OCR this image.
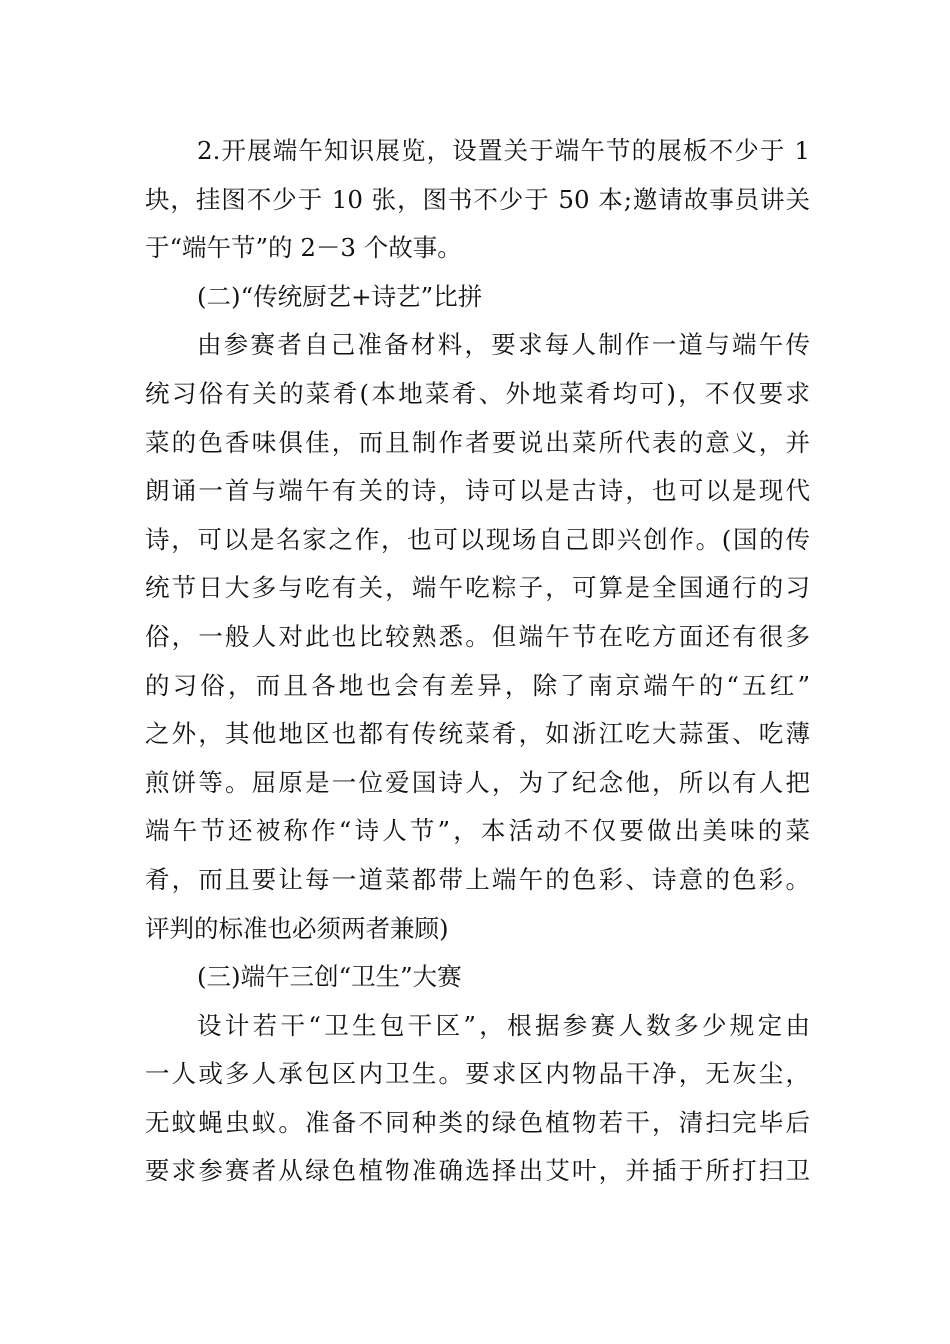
2.开展端午知识展览，设置关于端午节的展板不少于 1
块，挂图不少于 10 张，图书不少于 50 本;邀请故事员讲关
于“端午节”的 2－3 个故事。
(二)“传统厨艺+诗艺”比拼
由参赛者自己准备材料，要求每人制作一道与端午传
统习俗有关的菜肴(本地菜肴、外地菜肴均可)，不仅要求
菜的色香味俱佳，而且制作者要说出菜所代表的意义，并
朗诵一首与端午有关的诗，诗可以是古诗，也可以是现代
诗，可以是名家之作，也可以现场自己即兴创作。(国的传
统节日大多与吃有关，端午吃粽子，可算是全国通行的习
俗，一般人对此也比较熟悉。但端午节在吃方面还有很多
的习俗，而且各地也会有差异，除了南京端午的“五红”
之外，其他地区也都有传统菜肴，如浙江吃大蒜蛋、吃薄
煎饼等。屈原是一位爱国诗人，为了纪念他，所以有人把
端午节还被称作“诗人节”，本活动不仅要做出美味的菜
肴，而且要让每一道菜都带上端午的色彩、诗意的色彩。
评判的标准也必须两者兼顾)
(三)端午三创“卫生”大赛
设计若干“卫生包干区”，根据参赛人数多少规定由
一人或多人承包区内卫生。要求区内物品干净，无灰尘，
无蚊蝇虫蚁。准备不同种类的绿色植物若干，清扫完毕后
要求参赛者从绿色植物准确选择出艾叶，并插于所打扫卫
